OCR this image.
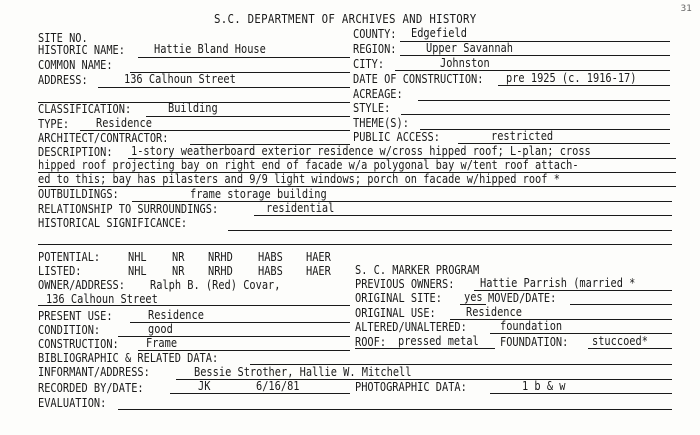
31
S.C. DEPARTMENT OF ARCHIVES AND HISTORY
SITE NO.	COUNTY: Edgefield
HISTORIC NAME: Hattie Bland House	REGION: Upper Savannah
COMMON NAME:	CITY:	Johnston
ADDRESS:	136 Calhoun Street	DATE OF CONSTRUCTION: pre 1925 (c. 1916-17)
ACREAGE:
CLASSIFICATION:	Building	STYLE:
TYPE: Residence	THEME(S):
ARCHITECT/CONTRACTOR:	PUBLIC ACCESS:	restricted
DESCRIPTION: 1-story weatherboard exterior residence w/cross hipped roof; L-plan; cross
hipped roof projecting bay on right end of facade w/a polygonal bay w/tent roof attach-
ed to this; bay has pilasters and 9/9 light windows; porch on facade w/hipped roof *
OUTBUILDINGS:	frame storage building
RELATIONSHIP TO SURROUNDINGS:	residential
HISTORICAL SIGNIFICANCE:
POTENTIAL: NHL NR NRHD HABS HAER
LISTED:	NHL NR NRHD HABS HAER S. C. MARKER PROGRAM
OWNER/ADDRESS: Ralph B. (Red) Covar,	PREVIOUS OWNERS: Hattie Parrish (married *
136 Calhoun Street	ORIGINAL SITE: yes MOVED/DATE:
PRESENT USE:	Residence	ORIGINAL USE:	Residence
CONDITION:	good	ALTERED/UNALTERED:	foundation
CONSTRUCTION: Frame	ROOF: pressed metal FOUNDATION: stuccoed*
BIBLIOGRAPHIC & RELATED DATA:
INFORMANT/ADDRESS:	Bessie Strother, Hallie W. Mitchell
RECORDED BY/DATE:	JK	6/16/81	PHOTOGRAPHIC DATA:	1 b & w
EVALUATION:
